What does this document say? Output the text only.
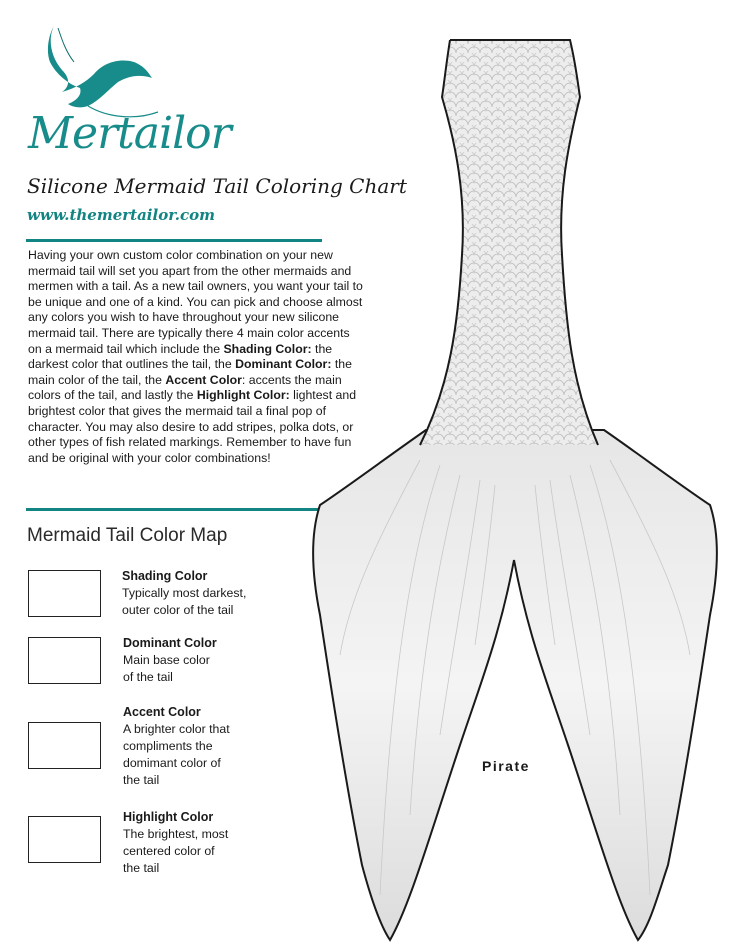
Mertailor
Silicone Mermaid Tail Coloring Chart
www.themertailor.com
Having your own custom color combination on your new mermaid tail will set you apart from the other mermaids and mermen with a tail. As a new tail owners, you want your tail to be unique and one of a kind. You can pick and choose almost any colors you wish to have throughout your new silicone mermaid tail. There are typically there 4 main color accents on a mermaid tail which include the Shading Color: the darkest color that outlines the tail, the Dominant Color: the main color of the tail, the Accent Color: accents the main colors of the tail, and lastly the Highlight Color: lightest and brightest color that gives the mermaid tail a final pop of character. You may also desire to add stripes, polka dots, or other types of fish related markings. Remember to have fun and be original with your color combinations!
Mermaid Tail Color Map
Shading Color
Typically most darkest,
outer color of the tail
Dominant Color
Main base color
of the tail
Accent Color
A brighter color that
compliments the
domimant color of
the tail
Highlight Color
The brightest, most
centered color of
the tail
Pirate
